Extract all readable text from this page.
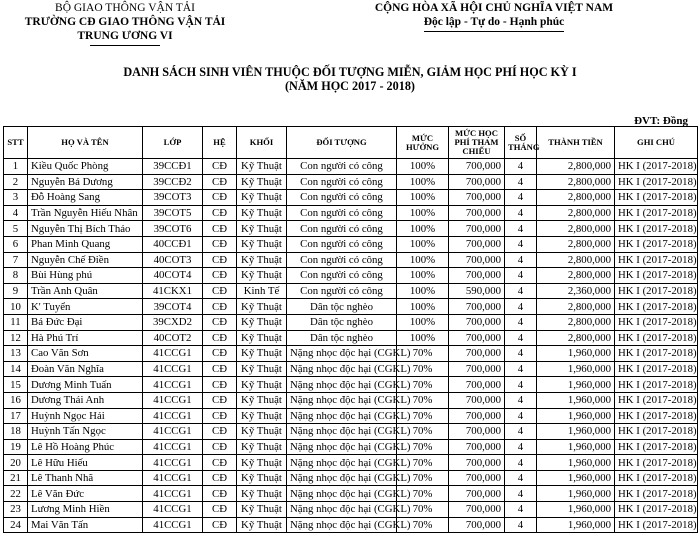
BỘ GIAO THÔNG VẬN TẢI
TRƯỜNG CĐ GIAO THÔNG VẬN TẢI
TRUNG ƯƠNG VI
CỘNG HÒA XÃ HỘI CHỦ NGHĨA VIỆT NAM
Độc lập - Tự do - Hạnh phúc
DANH SÁCH SINH VIÊN THUỘC ĐỐI TƯỢNG MIỄN, GIẢM HỌC PHÍ HỌC KỲ I
(NĂM HỌC 2017 - 2018)
ĐVT: Đồng
STT	HỌ VÀ TÊN	LỚP	HỆ	KHỐI	ĐỐI TƯỢNG	MỨC HƯỞNG	MỨC HỌC PHÍ THAM CHIẾU	SỐ THÁNG	THÀNH TIỀN	GHI CHÚ
1	Kiều Quốc Phòng	39CCĐ1	CĐ	Kỹ Thuật	Con người có công	100%	700,000	4	2,800,000	HK I (2017-2018)
2	Nguyễn Bá Dương	39CCĐ2	CĐ	Kỹ Thuật	Con người có công	100%	700,000	4	2,800,000	HK I (2017-2018)
3	Đỗ Hoàng Sang	39COT3	CĐ	Kỹ Thuật	Con người có công	100%	700,000	4	2,800,000	HK I (2017-2018)
4	Trần Nguyễn Hiếu Nhân	39COT5	CĐ	Kỹ Thuật	Con người có công	100%	700,000	4	2,800,000	HK I (2017-2018)
5	Nguyễn Thị Bích Thảo	39COT6	CĐ	Kỹ Thuật	Con người có công	100%	700,000	4	2,800,000	HK I (2017-2018)
6	Phan Minh Quang	40CCĐ1	CĐ	Kỹ Thuật	Con người có công	100%	700,000	4	2,800,000	HK I (2017-2018)
7	Nguyễn Chế Điền	40COT3	CĐ	Kỹ Thuật	Con người có công	100%	700,000	4	2,800,000	HK I (2017-2018)
8	Bùi Hùng phú	40COT4	CĐ	Kỹ Thuật	Con người có công	100%	700,000	4	2,800,000	HK I (2017-2018)
9	Trần Anh Quân	41CKX1	CĐ	Kinh Tế	Con người có công	100%	590,000	4	2,360,000	HK I (2017-2018)
10	K' Tuyển	39COT4	CĐ	Kỹ Thuật	Dân tộc nghèo	100%	700,000	4	2,800,000	HK I (2017-2018)
11	Bá Đức Đại	39CXD2	CĐ	Kỹ Thuật	Dân tộc nghèo	100%	700,000	4	2,800,000	HK I (2017-2018)
12	Hà Phú Trí	40COT2	CĐ	Kỹ Thuật	Dân tộc nghèo	100%	700,000	4	2,800,000	HK I (2017-2018)
13	Cao Văn Sơn	41CCG1	CĐ	Kỹ Thuật	Nặng nhọc độc hại (CGKL)	70%	700,000	4	1,960,000	HK I (2017-2018)
14	Đoàn Văn Nghĩa	41CCG1	CĐ	Kỹ Thuật	Nặng nhọc độc hại (CGKL)	70%	700,000	4	1,960,000	HK I (2017-2018)
15	Dương Minh Tuấn	41CCG1	CĐ	Kỹ Thuật	Nặng nhọc độc hại (CGKL)	70%	700,000	4	1,960,000	HK I (2017-2018)
16	Dương Thái Anh	41CCG1	CĐ	Kỹ Thuật	Nặng nhọc độc hại (CGKL)	70%	700,000	4	1,960,000	HK I (2017-2018)
17	Huỳnh Ngọc Hải	41CCG1	CĐ	Kỹ Thuật	Nặng nhọc độc hại (CGKL)	70%	700,000	4	1,960,000	HK I (2017-2018)
18	Huỳnh Tấn Ngọc	41CCG1	CĐ	Kỹ Thuật	Nặng nhọc độc hại (CGKL)	70%	700,000	4	1,960,000	HK I (2017-2018)
19	Lê Hồ Hoàng Phúc	41CCG1	CĐ	Kỹ Thuật	Nặng nhọc độc hại (CGKL)	70%	700,000	4	1,960,000	HK I (2017-2018)
20	Lê Hữu Hiếu	41CCG1	CĐ	Kỹ Thuật	Nặng nhọc độc hại (CGKL)	70%	700,000	4	1,960,000	HK I (2017-2018)
21	Lê Thanh Nhã	41CCG1	CĐ	Kỹ Thuật	Nặng nhọc độc hại (CGKL)	70%	700,000	4	1,960,000	HK I (2017-2018)
22	Lê Văn Đức	41CCG1	CĐ	Kỹ Thuật	Nặng nhọc độc hại (CGKL)	70%	700,000	4	1,960,000	HK I (2017-2018)
23	Lương Minh Hiền	41CCG1	CĐ	Kỹ Thuật	Nặng nhọc độc hại (CGKL)	70%	700,000	4	1,960,000	HK I (2017-2018)
24	Mai Văn Tấn	41CCG1	CĐ	Kỹ Thuật	Nặng nhọc độc hại (CGKL)	70%	700,000	4	1,960,000	HK I (2017-2018)
